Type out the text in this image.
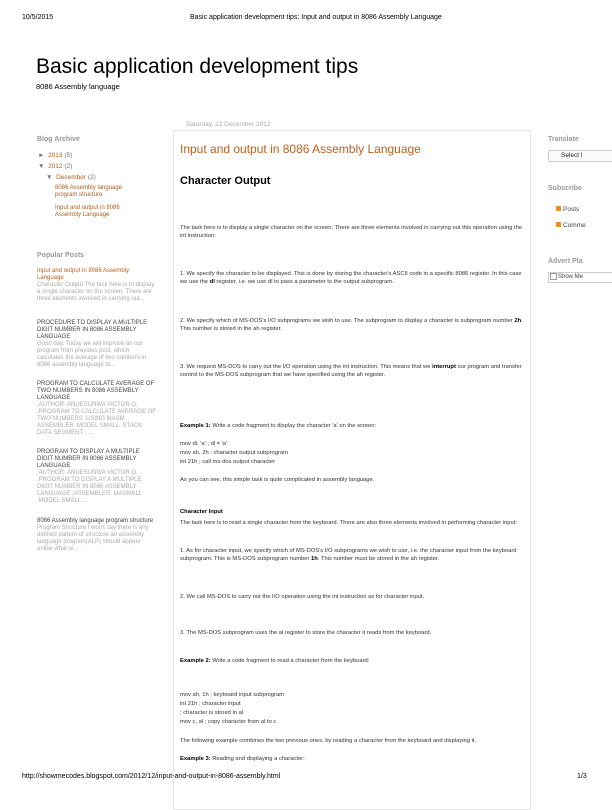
10/5/2015	Basic application development tips: Input and output in 8086 Assembly Language
Basic application development tips
8086 Assembly language
Blog Archive
► 2013 (5)
▼ 2012 (2)
▼ December (2)
8086 Assembly language program structure
Input and output in 8086 Assembly Language
Popular Posts
Input and output in 8086 Assembly Language
Character Output The task here is to display a single character on the screen. There are three elements involved in carrying out...
PROCEDURE TO DISPLAY A MULTIPLE DIGIT NUMBER IN 8086 ASSEMBLY LANGUAGE
Good day, Today we will improve on our program from previous post, which calculates the average of two numbers in 8086 assembly language to...
PROGRAM TO CALCULATE AVERAGE OF TWO NUMBERS IN 8086 ASSEMBLY LANGUAGE
;AUTHOR: ANUESUNWA VICTOR O. ;PROGRAM TO CALCULATE AVERAGE OF TWO NUMBERS ;USING MASM ASSEMBLER .MODEL SMALL .STACK DATA SEGMENT ; ...
PROGRAM TO DISPLAY A MULTIPLE DIGIT NUMBER IN 8086 ASSEMBLY LANGUAGE
;AUTHOR: ANUESUNWA VICTOR O. ;PROGRAM TO DISPLAY A MULTIPLE DIGIT NUMBER IN 8086 ASSEMBLY LANGUAGE ;ASSEMBLER: MASM611 .MODEL SMALL ...
8086 Assembly language program structure
Program Structure I won't say there is any defined pattern of structure an assembly language program(ALP) should appear unlike what w...
Saturday, 22 December 2012
Input and output in 8086 Assembly Language
Character Output
The task here is to display a single character on the screen. There are three elements involved in carrying out this operation using the int instruction:
1. We specify the character to be displayed. This is done by storing the character's ASCII code in a specific 8086 register. In this case we use the dl register, i.e. we use dl to pass a parameter to the output subprogram.
2. We specify which of MS-DOS's I/O subprograms we wish to use. The subprogram to display a character is subprogram number 2h. This number is stored in the ah register.
3. We request MS-DOS to carry out the I/O operation using the int instruction. This means that we interrupt our program and transfer control to the MS-DOS subprogram that we have specified using the ah register.
Example 1: Write a code fragment to display the character 'a' on the screen:
mov dl, 'a' ; dl = 'a'
mov ah, 2h ; character output subprogram
int 21h ; call ms-dos output character
As you can see, this simple task is quite complicated in assembly language.
Character Input
The task here is to read a single character from the keyboard. There are also three elements involved in performing character input:
1. As for character input, we specify which of MS-DOS's I/O subprograms we wish to use, i.e. the character input from the keyboard subprogram. This is MS-DOS subprogram number 1h. This number must be stored in the ah register.
2. We call MS-DOS to carry out the I/O operation using the int instruction as for character input.
3. The MS-DOS subprogram uses the al register to store the character it reads from the keyboard.
Example 2: Write a code fragment to read a character from the keyboard:
mov ah, 1h ; keyboard input subprogram
int 21h ; character input
; character is stored in al
mov c, al ; copy character from al to c
The following example combines the two previous ones, by reading a character from the keyboard and displaying it.
Example 3: Reading and displaying a character:
Translate
Select l
Subscribe
Posts
Comme
Advert Pla
Show Me
http://showmecodes.blogspot.com/2012/12/input-and-output-in-8086-assembly.html	1/3
